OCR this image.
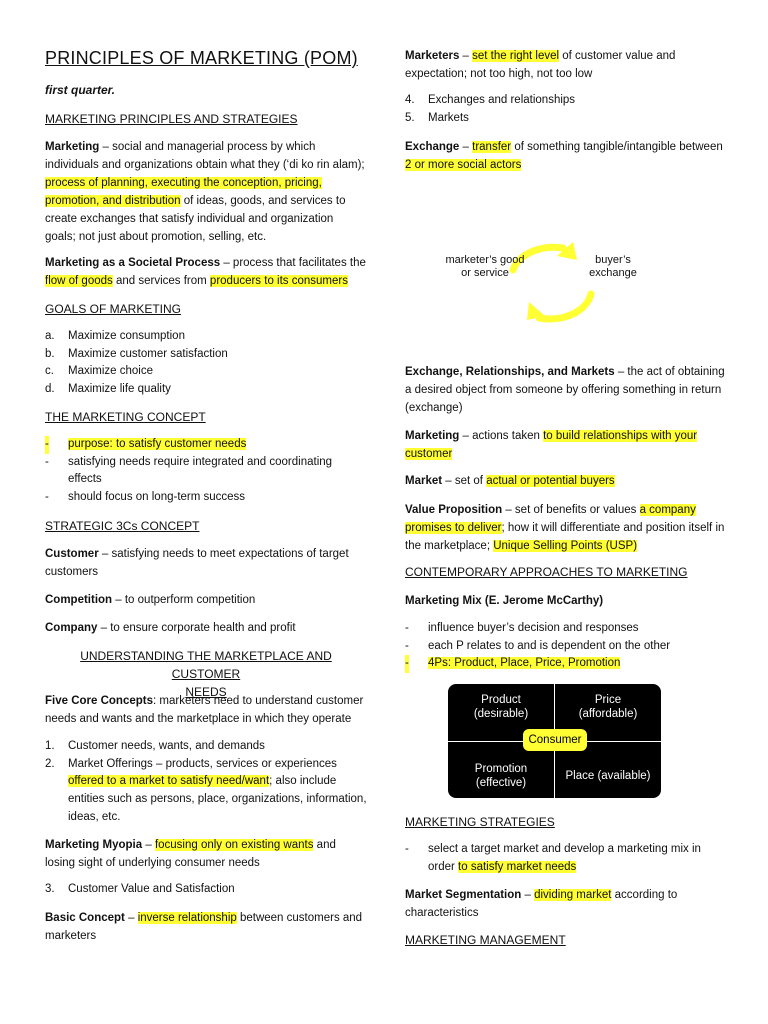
PRINCIPLES OF MARKETING (POM)
first quarter.
MARKETING PRINCIPLES AND STRATEGIES

Marketing – social and managerial process by which individuals and organizations obtain what they (‘di ko rin alam); process of planning, executing the conception, pricing, promotion, and distribution of ideas, goods, and services to create exchanges that satisfy individual and organization goals; not just about promotion, selling, etc.

Marketing as a Societal Process – process that facilitates the flow of goods and services from producers to its consumers

GOALS OF MARKETING
a. Maximize consumption
b. Maximize customer satisfaction
c. Maximize choice
d. Maximize life quality
THE MARKETING CONCEPT
- purpose: to satisfy customer needs
- satisfying needs require integrated and coordinating effects
- should focus on long-term success
STRATEGIC 3Cs CONCEPT

Customer – satisfying needs to meet expectations of target customers

Competition – to outperform competition

Company – to ensure corporate health and profit

UNDERSTANDING THE MARKETPLACE AND CUSTOMER
NEEDS

Five Core Concepts: marketers need to understand customer needs and wants and the marketplace in which they operate

1. Customer needs, wants, and demands
2. Market Offerings – products, services or experiences offered to a market to satisfy need/want; also include entities such as persons, place, organizations, information, ideas, etc.

Marketing Myopia – focusing only on existing wants and losing sight of underlying consumer needs

3. Customer Value and Satisfaction

Basic Concept – inverse relationship between customers and marketers

Marketers – set the right level of customer value and expectation; not too high, not too low

4. Exchanges and relationships
5. Markets

Exchange – transfer of something tangible/intangible between 2 or more social actors

marketer’s good or service
buyer’s exchange

Exchange, Relationships, and Markets – the act of obtaining a desired object from someone by offering something in return (exchange)

Marketing – actions taken to build relationships with your customer

Market – set of actual or potential buyers

Value Proposition – set of benefits or values a company promises to deliver; how it will differentiate and position itself in the marketplace; Unique Selling Points (USP)

CONTEMPORARY APPROACHES TO MARKETING

Marketing Mix (E. Jerome McCarthy)

- influence buyer’s decision and responses
- each P relates to and is dependent on the other
- 4Ps: Product, Place, Price, Promotion
Product (desirable)
Price (affordable)
Promotion (effective)
Place (available)
Consumer
MARKETING STRATEGIES
- select a target market and develop a marketing mix in order to satisfy market needs

Market Segmentation – dividing market according to characteristics

MARKETING MANAGEMENT
